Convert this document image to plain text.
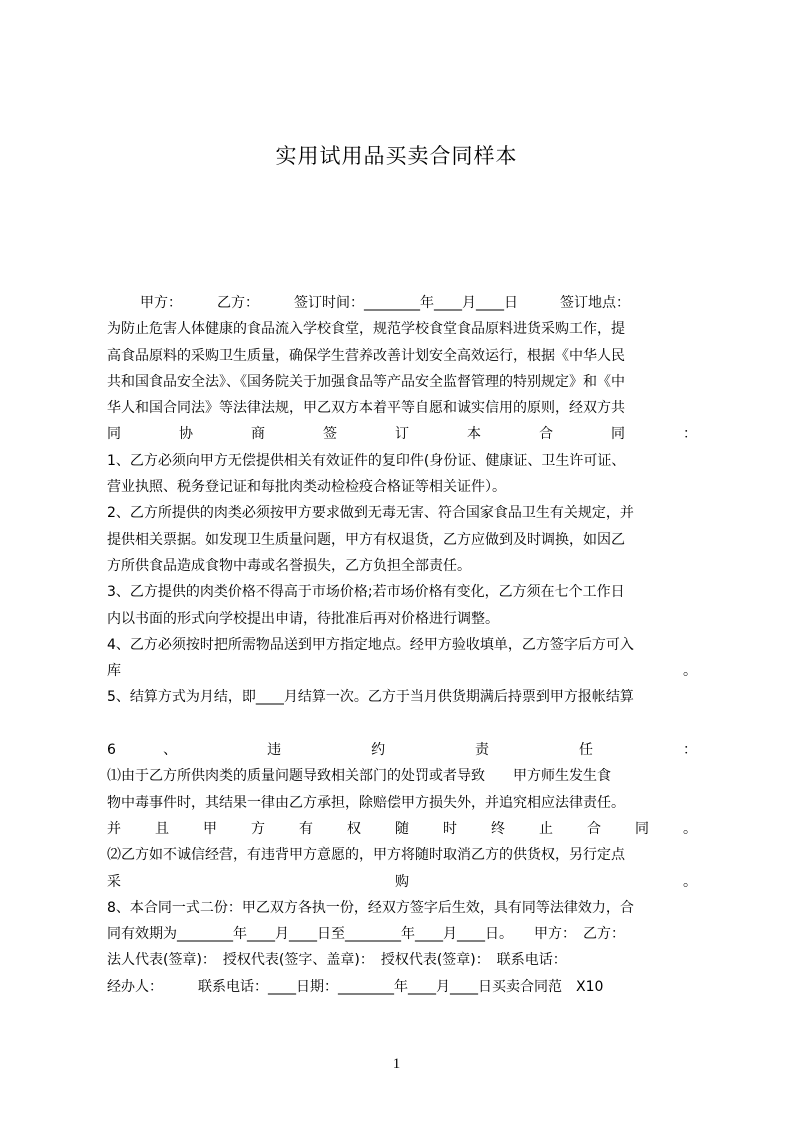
实用试用品买卖合同样本
甲方：　　　乙方：　　　签订时间：________年____月____日　　　签订地点：
为防止危害人体健康的食品流入学校食堂，规范学校食堂食品原料进货采购工作，提
高食品原料的采购卫生质量，确保学生营养改善计划安全高效运行，根据《中华人民
共和国食品安全法》、《国务院关于加强食品等产品安全监督管理的特别规定》和《中
华人和国合同法》等法律法规，甲乙双方本着平等自愿和诚实信用的原则，经双方共
同 协 商 签 订 本 合 同 ：
1、乙方必须向甲方无偿提供相关有效证件的复印件(身份证、健康证、卫生许可证、
营业执照、税务登记证和每批肉类动检检疫合格证等相关证件）。
2、乙方所提供的肉类必须按甲方要求做到无毒无害、符合国家食品卫生有关规定，并
提供相关票据。如发现卫生质量问题，甲方有权退货，乙方应做到及时调换，如因乙
方所供食品造成食物中毒或名誉损失，乙方负担全部责任。
3、乙方提供的肉类价格不得高于市场价格;若市场价格有变化，乙方须在七个工作日
内以书面的形式向学校提出申请，待批准后再对价格进行调整。
4、乙方必须按时把所需物品送到甲方指定地点。经甲方验收填单，乙方签字后方可入
库 。
5、结算方式为月结，即____月结算一次。乙方于当月供货期满后持票到甲方报帐结算
6 、 违 约 责 任 ：
⑴由于乙方所供肉类的质量问题导致相关部门的处罚或者导致　　甲方师生发生食
物中毒事件时，其结果一律由乙方承担，除赔偿甲方损失外，并追究相应法律责任。
并 且 甲 方 有 权 随 时 终 止 合 同 。
⑵乙方如不诚信经营，有违背甲方意愿的，甲方将随时取消乙方的供货权，另行定点
采 购 。
8、本合同一式二份：甲乙双方各执一份，经双方签字后生效，具有同等法律效力，合
同有效期为________年____月____日至________年____月____日。　　甲方：　乙方：
法人代表(签章)：　授权代表(签字、盖章)：　授权代表(签章)：　联系电话：
经办人：　　　联系电话：____日期：________年____月____日买卖合同范　X10
1
